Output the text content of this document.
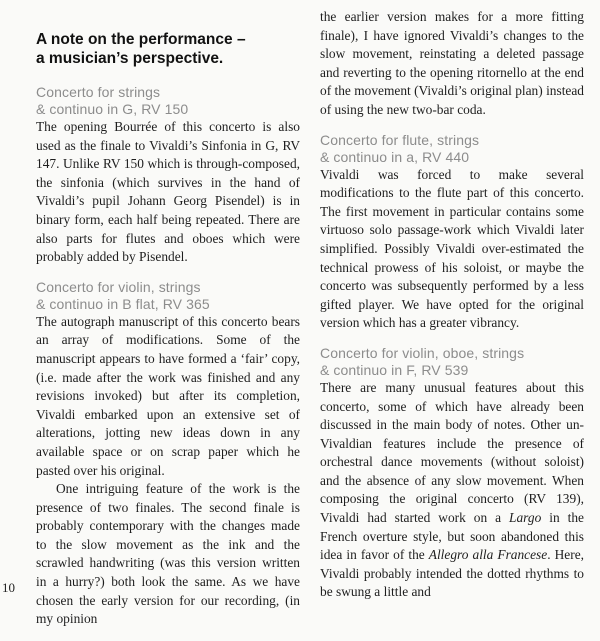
A note on the performance –
a musician’s perspective.
Concerto for strings
& continuo in G, RV 150

The opening Bourrée of this concerto is also used as the finale to Vivaldi’s Sinfonia in G, RV 147. Unlike RV 150 which is through-composed, the sinfonia (which survives in the hand of Vivaldi’s pupil Johann Georg Pisendel) is in binary form, each half being repeated. There are also parts for flutes and oboes which were probably added by Pisendel.

Concerto for violin, strings
& continuo in B flat, RV 365

The autograph manuscript of this concerto bears an array of modifications. Some of the manuscript appears to have formed a ‘fair’ copy, (i.e. made after the work was finished and any revisions invoked) but after its completion, Vivaldi embarked upon an extensive set of alterations, jotting new ideas down in any available space or on scrap paper which he pasted over his original.

One intriguing feature of the work is the presence of two finales. The second finale is probably contemporary with the changes made to the slow movement as the ink and the scrawled handwriting (was this version written in a hurry?) both look the same. As we have chosen the early version for our recording, (in my opinion

the earlier version makes for a more fitting finale), I have ignored Vivaldi’s changes to the slow movement, reinstating a deleted passage and reverting to the opening ritornello at the end of the movement (Vivaldi’s original plan) instead of using the new two-bar coda.

Concerto for flute, strings
& continuo in a, RV 440

Vivaldi was forced to make several modifications to the flute part of this concerto. The first movement in particular contains some virtuoso solo passage-work which Vivaldi later simplified. Possibly Vivaldi over-estimated the technical prowess of his soloist, or maybe the concerto was subsequently performed by a less gifted player. We have opted for the original version which has a greater vibrancy.

Concerto for violin, oboe, strings
& continuo in F, RV 539

There are many unusual features about this concerto, some of which have already been discussed in the main body of notes. Other un-Vivaldian features include the presence of orchestral dance movements (without soloist) and the absence of any slow movement. When composing the original concerto (RV 139), Vivaldi had started work on a Largo in the French overture style, but soon abandoned this idea in favor of the Allegro alla Francese. Here, Vivaldi probably intended the dotted rhythms to be swung a little and

10
